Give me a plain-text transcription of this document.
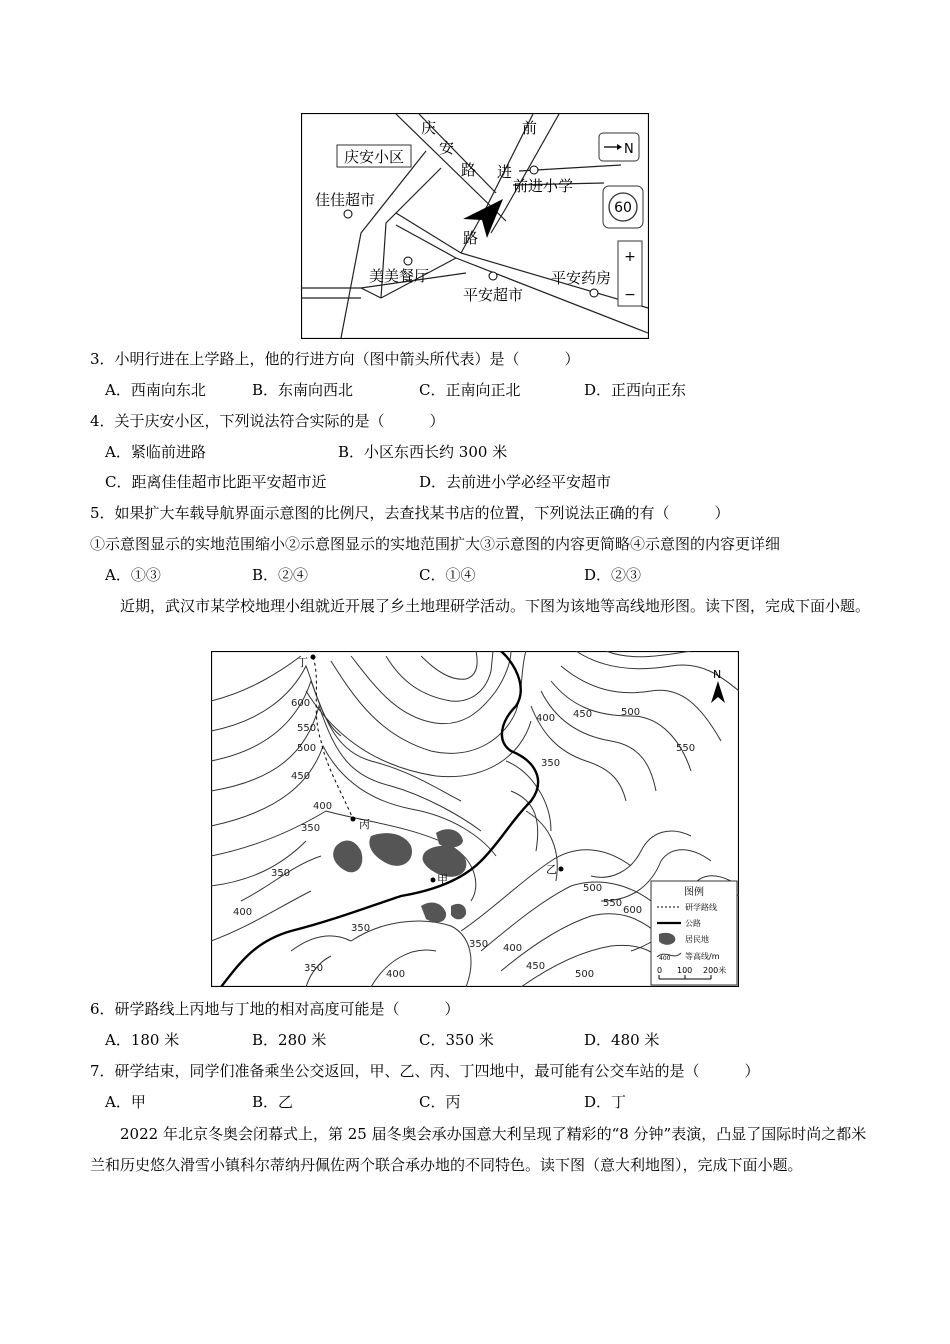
庆安小区
庆
安
路
前
进
路
佳佳超市
前进小学
美美餐厅
平安超市
平安药房
N
60
+
−
3．小明行进在上学路上，他的行进方向（图中箭头所代表）是（　　　）
A．西南向东北	B．东南向西北	C．正南向正北	D．正西向正东
4．关于庆安小区，下列说法符合实际的是（　　　）
A．紧临前进路	B．小区东西长约 300 米
C．距离佳佳超市比距平安超市近	D．去前进小学必经平安超市
5．如果扩大车载导航界面示意图的比例尺，去查找某书店的位置，下列说法正确的有（　　　）
①示意图显示的实地范围缩小②示意图显示的实地范围扩大③示意图的内容更简略④示意图的内容更详细
A．①③	B．②④	C．①④	D．②③
近期，武汉市某学校地理小组就近开展了乡土地理研学活动。下图为该地等高线地形图。读下图，完成下面小题。
丁
丙
甲
乙
600
550
500
450
400
350
400 450	500
550
350
350
400
350
350
400
350 400
450
500
500
550
600
N
图例
研学路线
公路
居民地
400 等高线/m
0 100 200米
6．研学路线上丙地与丁地的相对高度可能是（　　　）
A．180 米	B．280 米	C．350 米	D．480 米
7．研学结束，同学们准备乘坐公交返回，甲、乙、丙、丁四地中，最可能有公交车站的是（　　　）
A．甲	B．乙	C．丙	D．丁
2022 年北京冬奥会闭幕式上，第 25 届冬奥会承办国意大利呈现了精彩的“8 分钟”表演，凸显了国际时尚之都米兰和历史悠久滑雪小镇科尔蒂纳丹佩佐两个联合承办地的不同特色。读下图（意大利地图），完成下面小题。
